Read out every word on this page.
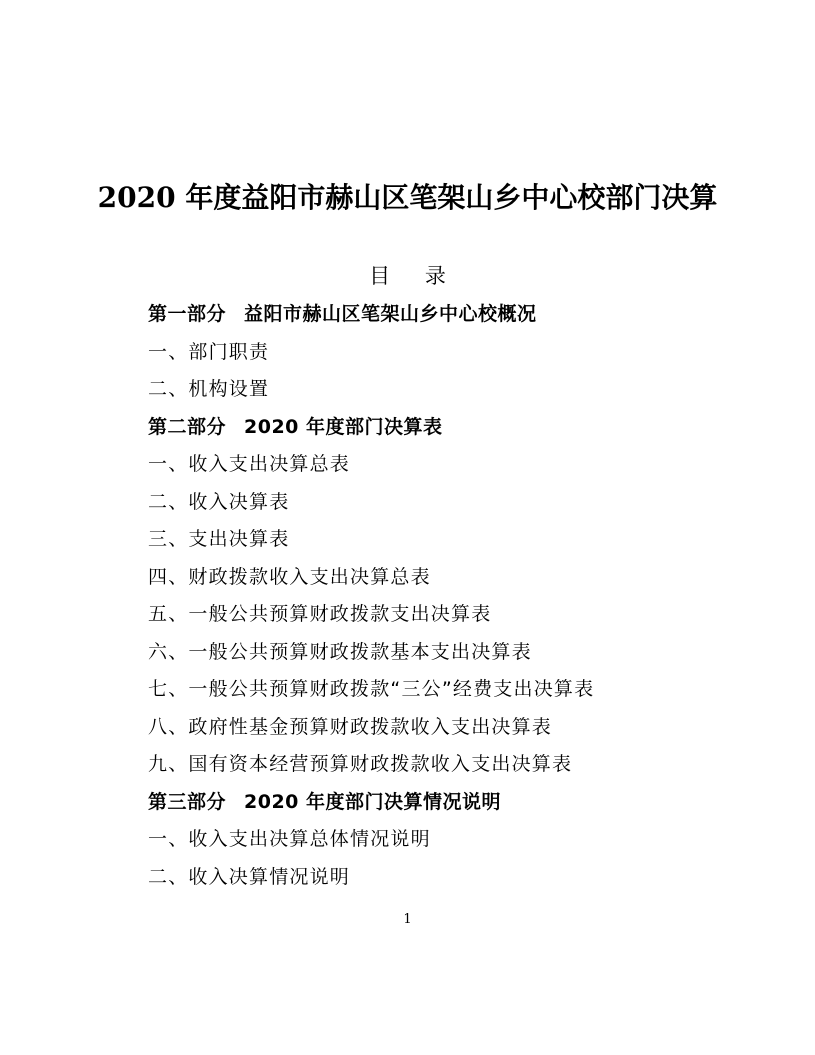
2020 年度益阳市赫山区笔架山乡中心校部门决算
目 录
第一部分 益阳市赫山区笔架山乡中心校概况
一、部门职责
二、机构设置
第二部分 2020 年度部门决算表
一、收入支出决算总表
二、收入决算表
三、支出决算表
四、财政拨款收入支出决算总表
五、一般公共预算财政拨款支出决算表
六、一般公共预算财政拨款基本支出决算表
七、一般公共预算财政拨款“三公”经费支出决算表
八、政府性基金预算财政拨款收入支出决算表
九、国有资本经营预算财政拨款收入支出决算表
第三部分 2020 年度部门决算情况说明
一、收入支出决算总体情况说明
二、收入决算情况说明
1
